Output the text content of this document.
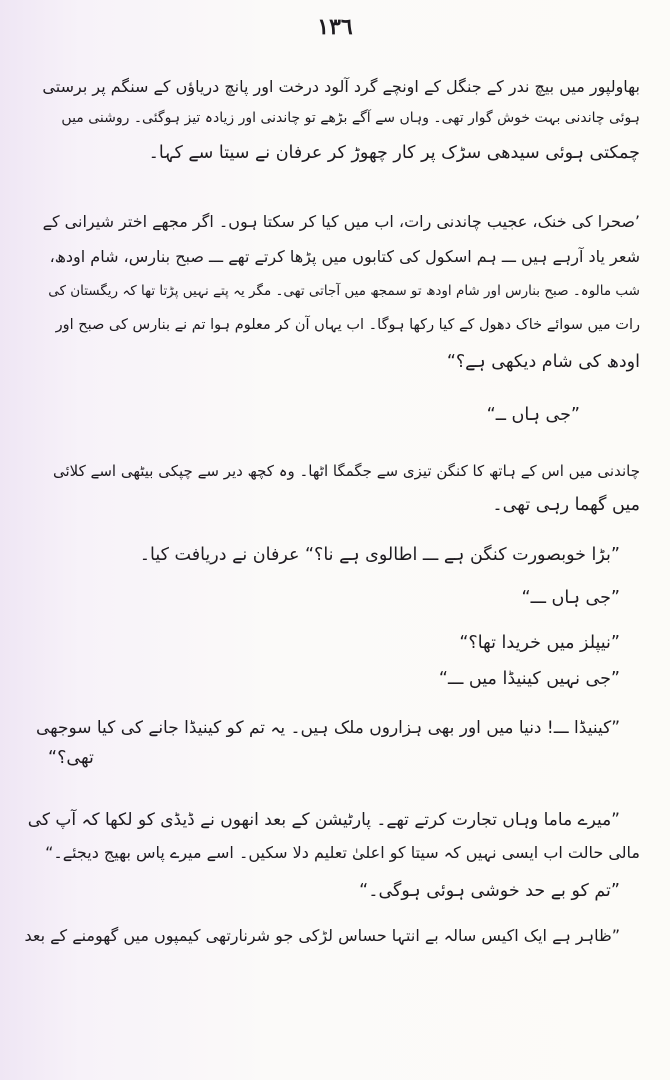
١٣٦
بھاولپور میں بیچ ندر کے جنگل کے اونچے گرد آلود درخت اور پانچ دریاؤں کے سنگم پر برستی
ہوئی چاندنی بہت خوش گوار تھی۔ وہاں سے آگے بڑھے تو چاندنی اور زیادہ تیز ہوگئی۔ روشنی میں
چمکتی ہوئی سیدھی سڑک پر کار چھوڑ کر عرفان نے سیتا سے کہا۔
’صحرا کی خنک، عجیب چاندنی رات، اب میں کیا کر سکتا ہوں۔ اگر مجھے اختر شیرانی کے
شعر یاد آرہے ہیں ـــ ہم اسکول کی کتابوں میں پڑھا کرتے تھے ـــ صبح بنارس، شام اودھ،
شب مالوہ۔ صبح بنارس اور شام اودھ تو سمجھ میں آجاتی تھی۔ مگر یہ پتے نہیں پڑتا تھا کہ ریگستان کی
رات میں سوائے خاک دھول کے کیا رکھا ہوگا۔ اب یہاں آن کر معلوم ہوا تم نے بنارس کی صبح اور
اودھ کی شام دیکھی ہے؟“
”جی ہاں ــ“
چاندنی میں اس کے ہاتھ کا کنگن تیزی سے جگمگا اٹھا۔ وہ کچھ دیر سے چپکی بیٹھی اسے کلائی
میں گھما رہی تھی۔
”بڑا خوبصورت کنگن ہے ـــ اطالوی ہے نا؟“ عرفان نے دریافت کیا۔
”جی ہاں ـــ“
”نیپلز میں خریدا تھا؟“
”جی نہیں کینیڈا میں ـــ“
”کینیڈا ـــ! دنیا میں اور بھی ہزاروں ملک ہیں۔ یہ تم کو کینیڈا جانے کی کیا سوجھی
تھی؟“
”میرے ماما وہاں تجارت کرتے تھے۔ پارٹیشن کے بعد انھوں نے ڈیڈی کو لکھا کہ آپ کی
مالی حالت اب ایسی نہیں کہ سیتا کو اعلیٰ تعلیم دلا سکیں۔ اسے میرے پاس بھیج دیجئے۔“
”تم کو بے حد خوشی ہوئی ہوگی۔“
”ظاہر ہے ایک اکیس سالہ بے انتہا حساس لڑکی جو شرنارتھی کیمپوں میں گھومنے کے بعد
